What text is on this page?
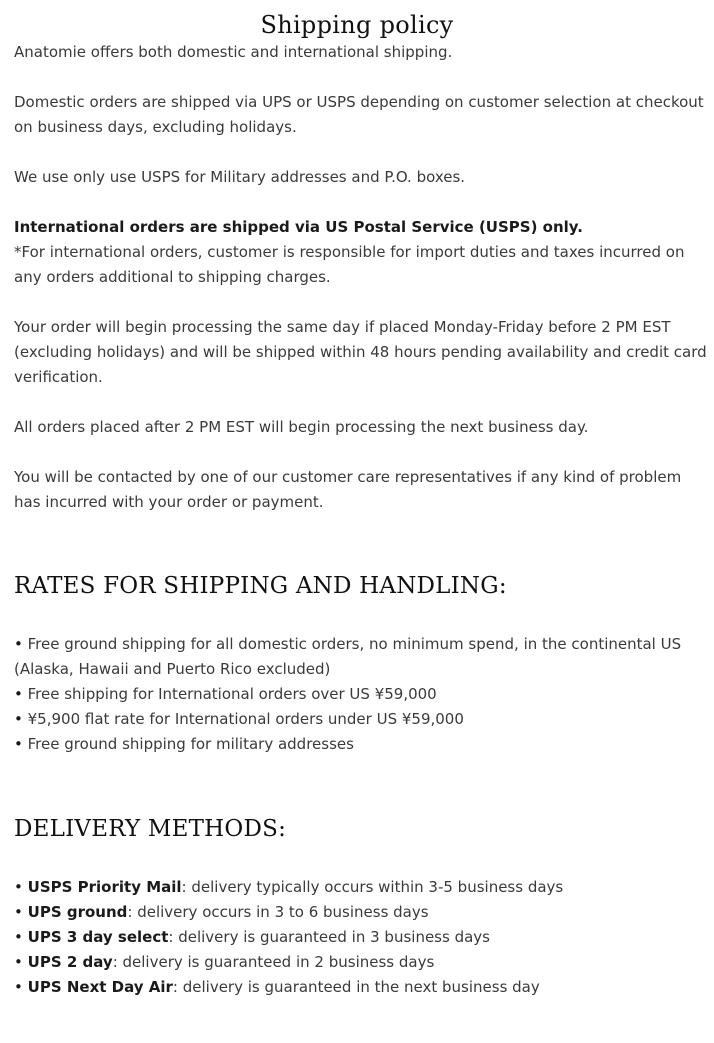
Shipping policy

Anatomie offers both domestic and international shipping.

Domestic orders are shipped via UPS or USPS depending on customer selection at checkout on business days, excluding holidays.

We use only use USPS for Military addresses and P.O. boxes.

International orders are shipped via US Postal Service (USPS) only.
*For international orders, customer is responsible for import duties and taxes incurred on any orders additional to shipping charges.

Your order will begin processing the same day if placed Monday-Friday before 2 PM EST (excluding holidays) and will be shipped within 48 hours pending availability and credit card verification.

All orders placed after 2 PM EST will begin processing the next business day.

You will be contacted by one of our customer care representatives if any kind of problem has incurred with your order or payment.

RATES FOR SHIPPING AND HANDLING:
• Free ground shipping for all domestic orders, no minimum spend, in the continental US (Alaska, Hawaii and Puerto Rico excluded)
• Free shipping for International orders over US ¥59,000
• ¥5,900 flat rate for International orders under US ¥59,000
• Free ground shipping for military addresses
DELIVERY METHODS:
• USPS Priority Mail: delivery typically occurs within 3-5 business days
• UPS ground: delivery occurs in 3 to 6 business days
• UPS 3 day select: delivery is guaranteed in 3 business days
• UPS 2 day: delivery is guaranteed in 2 business days
• UPS Next Day Air: delivery is guaranteed in the next business day
